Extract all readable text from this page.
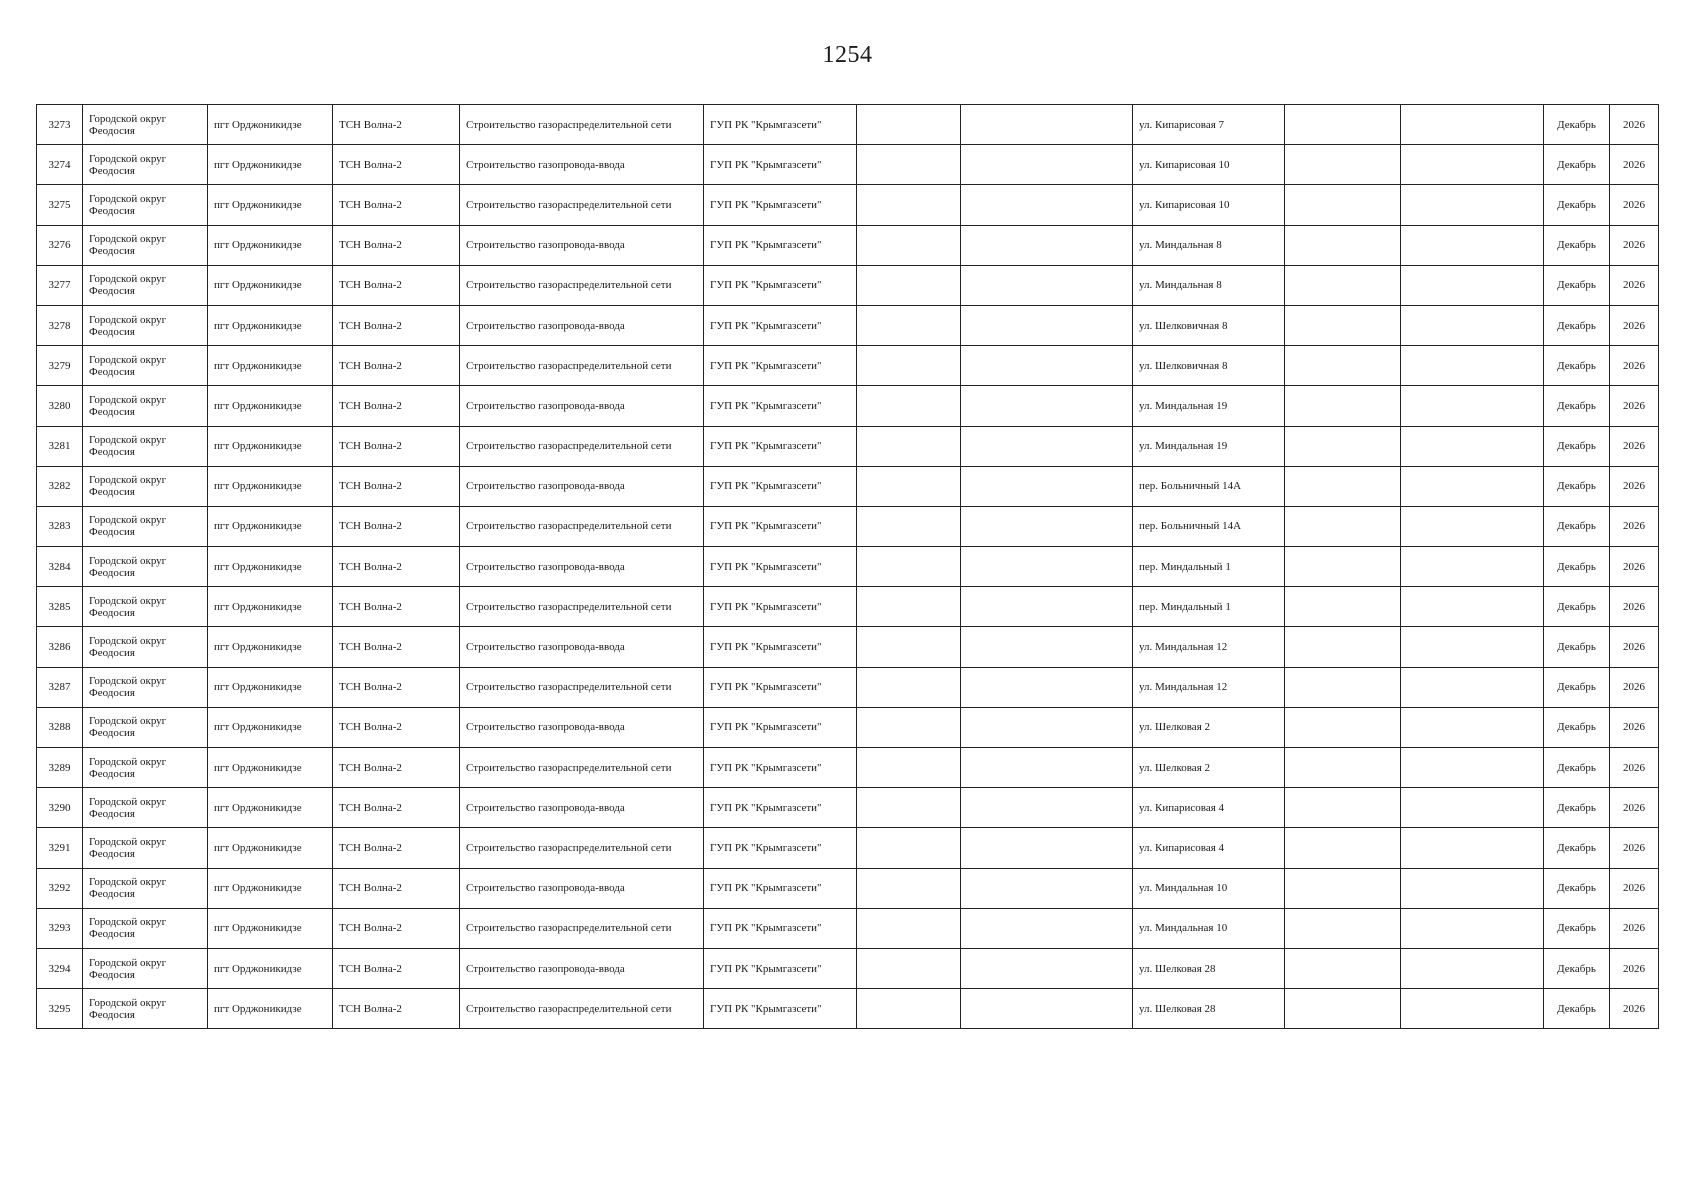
1254
3273	Городской округ Феодосия	пгт Орджоникидзе	ТСН Волна-2	Строительство газораспределительной сети	ГУП РК "Крымгазсети"			ул. Кипарисовая 7			Декабрь	2026
3274	Городской округ Феодосия	пгт Орджоникидзе	ТСН Волна-2	Строительство газопровода-ввода	ГУП РК "Крымгазсети"			ул. Кипарисовая 10			Декабрь	2026
3275	Городской округ Феодосия	пгт Орджоникидзе	ТСН Волна-2	Строительство газораспределительной сети	ГУП РК "Крымгазсети"			ул. Кипарисовая 10			Декабрь	2026
3276	Городской округ Феодосия	пгт Орджоникидзе	ТСН Волна-2	Строительство газопровода-ввода	ГУП РК "Крымгазсети"			ул. Миндальная 8			Декабрь	2026
3277	Городской округ Феодосия	пгт Орджоникидзе	ТСН Волна-2	Строительство газораспределительной сети	ГУП РК "Крымгазсети"			ул. Миндальная 8			Декабрь	2026
3278	Городской округ Феодосия	пгт Орджоникидзе	ТСН Волна-2	Строительство газопровода-ввода	ГУП РК "Крымгазсети"			ул. Шелковичная 8			Декабрь	2026
3279	Городской округ Феодосия	пгт Орджоникидзе	ТСН Волна-2	Строительство газораспределительной сети	ГУП РК "Крымгазсети"			ул. Шелковичная 8			Декабрь	2026
3280	Городской округ Феодосия	пгт Орджоникидзе	ТСН Волна-2	Строительство газопровода-ввода	ГУП РК "Крымгазсети"			ул. Миндальная 19			Декабрь	2026
3281	Городской округ Феодосия	пгт Орджоникидзе	ТСН Волна-2	Строительство газораспределительной сети	ГУП РК "Крымгазсети"			ул. Миндальная 19			Декабрь	2026
3282	Городской округ Феодосия	пгт Орджоникидзе	ТСН Волна-2	Строительство газопровода-ввода	ГУП РК "Крымгазсети"			пер. Больничный 14А			Декабрь	2026
3283	Городской округ Феодосия	пгт Орджоникидзе	ТСН Волна-2	Строительство газораспределительной сети	ГУП РК "Крымгазсети"			пер. Больничный 14А			Декабрь	2026
3284	Городской округ Феодосия	пгт Орджоникидзе	ТСН Волна-2	Строительство газопровода-ввода	ГУП РК "Крымгазсети"			пер. Миндальный 1			Декабрь	2026
3285	Городской округ Феодосия	пгт Орджоникидзе	ТСН Волна-2	Строительство газораспределительной сети	ГУП РК "Крымгазсети"			пер. Миндальный 1			Декабрь	2026
3286	Городской округ Феодосия	пгт Орджоникидзе	ТСН Волна-2	Строительство газопровода-ввода	ГУП РК "Крымгазсети"			ул. Миндальная 12			Декабрь	2026
3287	Городской округ Феодосия	пгт Орджоникидзе	ТСН Волна-2	Строительство газораспределительной сети	ГУП РК "Крымгазсети"			ул. Миндальная 12			Декабрь	2026
3288	Городской округ Феодосия	пгт Орджоникидзе	ТСН Волна-2	Строительство газопровода-ввода	ГУП РК "Крымгазсети"			ул. Шелковая 2			Декабрь	2026
3289	Городской округ Феодосия	пгт Орджоникидзе	ТСН Волна-2	Строительство газораспределительной сети	ГУП РК "Крымгазсети"			ул. Шелковая 2			Декабрь	2026
3290	Городской округ Феодосия	пгт Орджоникидзе	ТСН Волна-2	Строительство газопровода-ввода	ГУП РК "Крымгазсети"			ул. Кипарисовая 4			Декабрь	2026
3291	Городской округ Феодосия	пгт Орджоникидзе	ТСН Волна-2	Строительство газораспределительной сети	ГУП РК "Крымгазсети"			ул. Кипарисовая 4			Декабрь	2026
3292	Городской округ Феодосия	пгт Орджоникидзе	ТСН Волна-2	Строительство газопровода-ввода	ГУП РК "Крымгазсети"			ул. Миндальная 10			Декабрь	2026
3293	Городской округ Феодосия	пгт Орджоникидзе	ТСН Волна-2	Строительство газораспределительной сети	ГУП РК "Крымгазсети"			ул. Миндальная 10			Декабрь	2026
3294	Городской округ Феодосия	пгт Орджоникидзе	ТСН Волна-2	Строительство газопровода-ввода	ГУП РК "Крымгазсети"			ул. Шелковая 28			Декабрь	2026
3295	Городской округ Феодосия	пгт Орджоникидзе	ТСН Волна-2	Строительство газораспределительной сети	ГУП РК "Крымгазсети"			ул. Шелковая 28			Декабрь	2026
